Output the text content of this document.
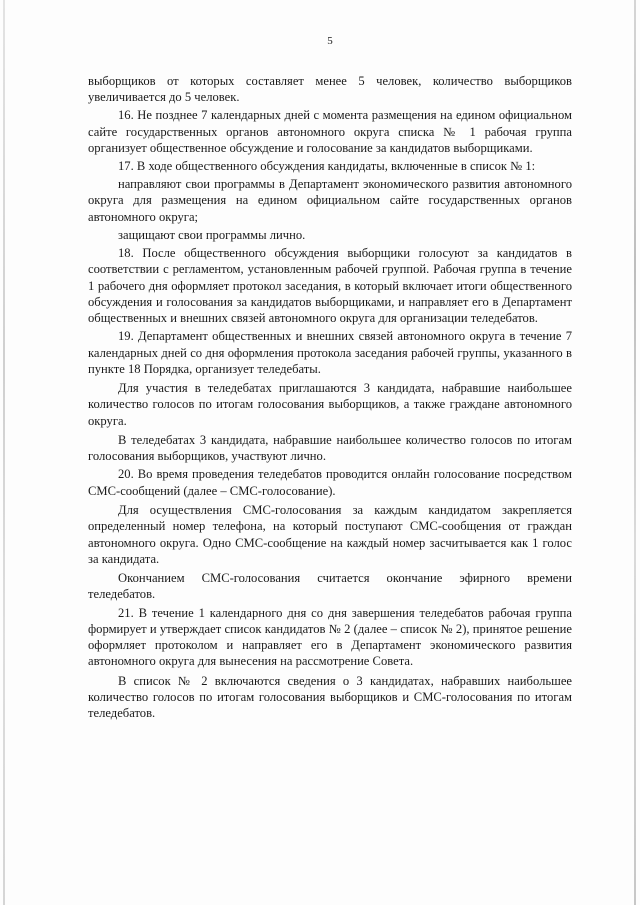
5

выборщиков от которых составляет менее 5 человек, количество выборщиков увеличивается до 5 человек.

16. Не позднее 7 календарных дней с момента размещения на едином официальном сайте государственных органов автономного округа списка № 1 рабочая группа организует общественное обсуждение и голосование за кандидатов выборщиками.

17. В ходе общественного обсуждения кандидаты, включенные в список № 1:

направляют свои программы в Департамент экономического развития автономного округа для размещения на едином официальном сайте государственных органов автономного округа;

защищают свои программы лично.

18. После общественного обсуждения выборщики голосуют за кандидатов в соответствии с регламентом, установленным рабочей группой. Рабочая группа в течение 1 рабочего дня оформляет протокол заседания, в который включает итоги общественного обсуждения и голосования за кандидатов выборщиками, и направляет его в Департамент общественных и внешних связей автономного округа для организации теледебатов.

19. Департамент общественных и внешних связей автономного округа в течение 7 календарных дней со дня оформления протокола заседания рабочей группы, указанного в пункте 18 Порядка, организует теледебаты.

Для участия в теледебатах приглашаются 3 кандидата, набравшие наибольшее количество голосов по итогам голосования выборщиков, а также граждане автономного округа.

В теледебатах 3 кандидата, набравшие наибольшее количество голосов по итогам голосования выборщиков, участвуют лично.

20. Во время проведения теледебатов проводится онлайн голосование посредством СМС-сообщений (далее – СМС-голосование).

Для осуществления СМС-голосования за каждым кандидатом закрепляется определенный номер телефона, на который поступают СМС-сообщения от граждан автономного округа. Одно СМС-сообщение на каждый номер засчитывается как 1 голос за кандидата.

Окончанием СМС-голосования считается окончание эфирного времени теледебатов.

21. В течение 1 календарного дня со дня завершения теледебатов рабочая группа формирует и утверждает список кандидатов № 2 (далее – список № 2), принятое решение оформляет протоколом и направляет его в Департамент экономического развития автономного округа для вынесения на рассмотрение Совета.

В список № 2 включаются сведения о 3 кандидатах, набравших наибольшее количество голосов по итогам голосования выборщиков и СМС-голосования по итогам теледебатов.
